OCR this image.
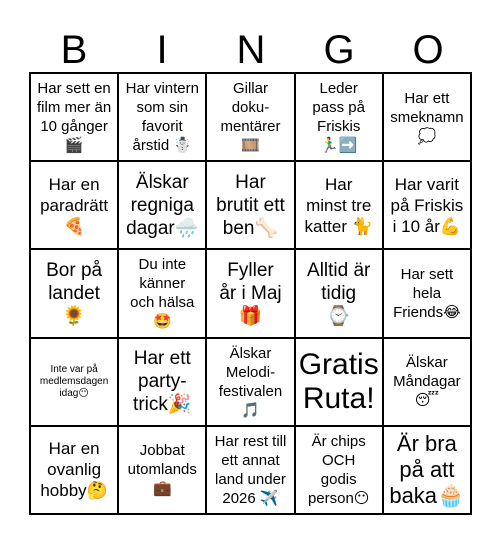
B	I	N	G	O
Har sett en
film mer än
10 gånger
🎬
Har vintern
som sin
favorit
årstid ☃️
Gillar
doku-
mentärer
🎞️
Leder
pass på
Friskis
🏃‍♂️➡️
Har ett
smeknamn
💭
Har en
paradrätt
🍕
Älskar
regniga
dagar🌧️
Har
brutit ett
ben🦴
Har
minst tre
katter 🐈
Har varit
på Friskis
i 10 år💪
Bor på
landet
🌻
Du inte
känner
och hälsa
🤩
Fyller
år i Maj
🎁
Alltid är
tidig
⌚
Har sett
hela
Friends😂
Inte var på
medlemsdagen
idag😶
Har ett
party-
trick🎉
Älskar
Melodi-
festivalen
🎵
Gratis
Ruta!
Älskar
Måndagar
😴
Har en
ovanlig
hobby🤔
Jobbat
utomlands
💼
Har rest till
ett annat
land under
2026 ✈️
Är chips
OCH
godis
person😶
Är bra
på att
baka🧁
